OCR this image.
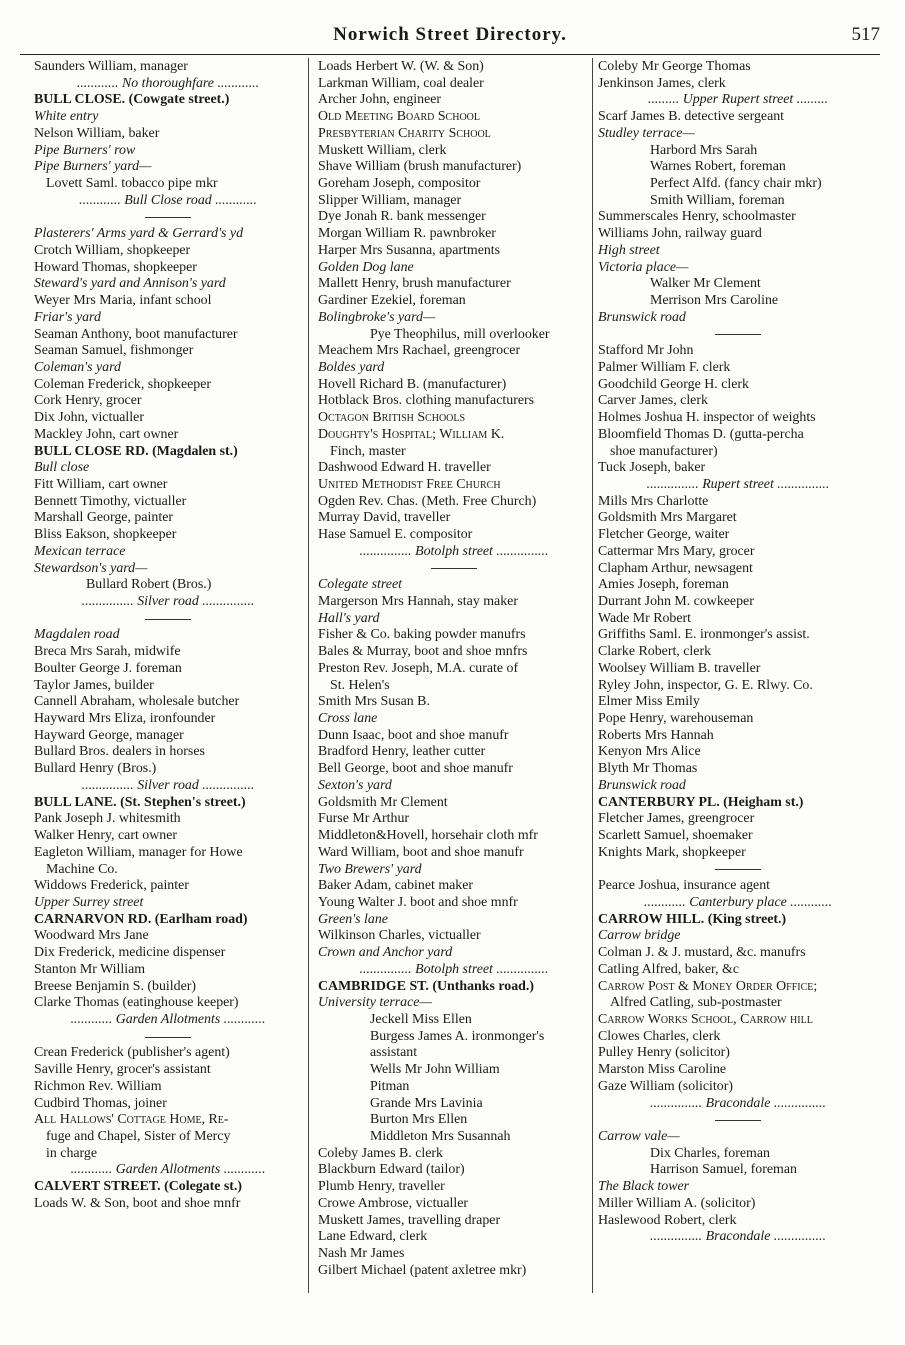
Norwich Street Directory.	517
Saunders William, manager
............ No thoroughfare ............
BULL CLOSE. (Cowgate street.)
White entry
Nelson William, baker
Pipe Burners' row
Pipe Burners' yard—
Lovett Saml. tobacco pipe mkr
............ Bull Close road ............
Plasterers' Arms yard & Gerrard's yd
Crotch William, shopkeeper
Howard Thomas, shopkeeper
Steward's yard and Annison's yard
Weyer Mrs Maria, infant school
Friar's yard
Seaman Anthony, boot manufacturer
Seaman Samuel, fishmonger
Coleman's yard
Coleman Frederick, shopkeeper
Cork Henry, grocer
Dix John, victualler
Mackley John, cart owner
BULL CLOSE RD. (Magdalen st.)
Bull close
Fitt William, cart owner
Bennett Timothy, victualler
Marshall George, painter
Bliss Eakson, shopkeeper
Mexican terrace
Stewardson's yard—
Bullard Robert (Bros.)
............... Silver road ...............
Magdalen road
Breca Mrs Sarah, midwife
Boulter George J. foreman
Taylor James, builder
Cannell Abraham, wholesale butcher
Hayward Mrs Eliza, ironfounder
Hayward George, manager
Bullard Bros. dealers in horses
Bullard Henry (Bros.)
............... Silver road ...............
BULL LANE. (St. Stephen's street.)
Pank Joseph J. whitesmith
Walker Henry, cart owner
Eagleton William, manager for Howe
Machine Co.
Widdows Frederick, painter
Upper Surrey street
CARNARVON RD. (Earlham road)
Woodward Mrs Jane
Dix Frederick, medicine dispenser
Stanton Mr William
Breese Benjamin S. (builder)
Clarke Thomas (eatinghouse keeper)
............ Garden Allotments ............
Crean Frederick (publisher's agent)
Saville Henry, grocer's assistant
Richmon Rev. William
Cudbird Thomas, joiner
All Hallows' Cottage Home, Re-
fuge and Chapel, Sister of Mercy
in charge
............ Garden Allotments ............
CALVERT STREET. (Colegate st.)
Loads W. & Son, boot and shoe mnfr
Loads Herbert W. (W. & Son)
Larkman William, coal dealer
Archer John, engineer
Old Meeting Board School
Presbyterian Charity School
Muskett William, clerk
Shave William (brush manufacturer)
Goreham Joseph, compositor
Slipper William, manager
Dye Jonah R. bank messenger
Morgan William R. pawnbroker
Harper Mrs Susanna, apartments
Golden Dog lane
Mallett Henry, brush manufacturer
Gardiner Ezekiel, foreman
Bolingbroke's yard—
Pye Theophilus, mill overlooker
Meachem Mrs Rachael, greengrocer
Boldes yard
Hovell Richard B. (manufacturer)
Hotblack Bros. clothing manufacturers
Octagon British Schools
Doughty's Hospital; William K.
Finch, master
Dashwood Edward H. traveller
United Methodist Free Church
Ogden Rev. Chas. (Meth. Free Church)
Murray David, traveller
Hase Samuel E. compositor
............... Botolph street ...............
Colegate street
Margerson Mrs Hannah, stay maker
Hall's yard
Fisher & Co. baking powder manufrs
Bales & Murray, boot and shoe mnfrs
Preston Rev. Joseph, M.A. curate of
St. Helen's
Smith Mrs Susan B.
Cross lane
Dunn Isaac, boot and shoe manufr
Bradford Henry, leather cutter
Bell George, boot and shoe manufr
Sexton's yard
Goldsmith Mr Clement
Furse Mr Arthur
Middleton&Hovell, horsehair cloth mfr
Ward William, boot and shoe manufr
Two Brewers' yard
Baker Adam, cabinet maker
Young Walter J. boot and shoe mnfr
Green's lane
Wilkinson Charles, victualler
Crown and Anchor yard
............... Botolph street ...............
CAMBRIDGE ST. (Unthanks road.)
University terrace—
Jeckell Miss Ellen
Burgess James A. ironmonger's
assistant
Wells Mr John William
Pitman
Grande Mrs Lavinia
Burton Mrs Ellen
Middleton Mrs Susannah
Coleby James B. clerk
Blackburn Edward (tailor)
Plumb Henry, traveller
Crowe Ambrose, victualler
Muskett James, travelling draper
Lane Edward, clerk
Nash Mr James
Gilbert Michael (patent axletree mkr)
Coleby Mr George Thomas
Jenkinson James, clerk
......... Upper Rupert street .........
Scarf James B. detective sergeant
Studley terrace—
Harbord Mrs Sarah
Warnes Robert, foreman
Perfect Alfd. (fancy chair mkr)
Smith William, foreman
Summerscales Henry, schoolmaster
Williams John, railway guard
High street
Victoria place—
Walker Mr Clement
Merrison Mrs Caroline
Brunswick road
Stafford Mr John
Palmer William F. clerk
Goodchild George H. clerk
Carver James, clerk
Holmes Joshua H. inspector of weights
Bloomfield Thomas D. (gutta-percha
shoe manufacturer)
Tuck Joseph, baker
............... Rupert street ...............
Mills Mrs Charlotte
Goldsmith Mrs Margaret
Fletcher George, waiter
Cattermar Mrs Mary, grocer
Clapham Arthur, newsagent
Amies Joseph, foreman
Durrant John M. cowkeeper
Wade Mr Robert
Griffiths Saml. E. ironmonger's assist.
Clarke Robert, clerk
Woolsey William B. traveller
Ryley John, inspector, G. E. Rlwy. Co.
Elmer Miss Emily
Pope Henry, warehouseman
Roberts Mrs Hannah
Kenyon Mrs Alice
Blyth Mr Thomas
Brunswick road
CANTERBURY PL. (Heigham st.)
Fletcher James, greengrocer
Scarlett Samuel, shoemaker
Knights Mark, shopkeeper
Pearce Joshua, insurance agent
............ Canterbury place ............
CARROW HILL. (King street.)
Carrow bridge
Colman J. & J. mustard, &c. manufrs
Catling Alfred, baker, &c
Carrow Post & Money Order Office;
Alfred Catling, sub-postmaster
Carrow Works School, Carrow hill
Clowes Charles, clerk
Pulley Henry (solicitor)
Marston Miss Caroline
Gaze William (solicitor)
............... Bracondale ...............
Carrow vale—
Dix Charles, foreman
Harrison Samuel, foreman
The Black tower
Miller William A. (solicitor)
Haslewood Robert, clerk
............... Bracondale ...............
